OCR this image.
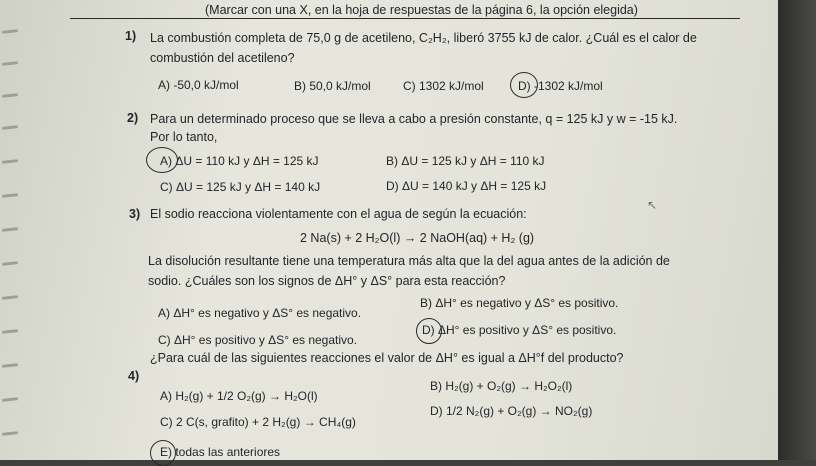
(Marcar con una X, en la hoja de respuestas de la página 6, la opción elegida)
1) La combustión completa de 75,0 g de acetileno, C₂H₂, liberó 3755 kJ de calor. ¿Cuál es el calor de
combustión del acetileno?
A) -50,0 kJ/mol	B) 50,0 kJ/mol	C) 1302 kJ/mol	D) -1302 kJ/mol
2) Para un determinado proceso que se lleva a cabo a presión constante, q = 125 kJ y w = -15 kJ.
Por lo tanto,
A) ΔU = 110 kJ y ΔH = 125 kJ	B) ΔU = 125 kJ y ΔH = 110 kJ
C) ΔU = 125 kJ y ΔH = 140 kJ	D) ΔU = 140 kJ y ΔH = 125 kJ
3) El sodio reacciona violentamente con el agua de según la ecuación:
2 Na(s) + 2 H₂O(l) → 2 NaOH(aq) + H₂ (g)
La disolución resultante tiene una temperatura más alta que la del agua antes de la adición de
sodio. ¿Cuáles son los signos de ΔH° y ΔS° para esta reacción?
A) ΔH° es negativo y ΔS° es negativo.
B) ΔH° es negativo y ΔS° es positivo.
C) ΔH° es positivo y ΔS° es negativo.
D) ΔH° es positivo y ΔS° es positivo.
↖
4)
¿Para cuál de las siguientes reacciones el valor de ΔH° es igual a ΔH°f del producto?
A) H₂(g) + 1/2 O₂(g) → H₂O(l)
B) H₂(g) + O₂(g) → H₂O₂(l)
C) 2 C(s, grafito) + 2 H₂(g) → CH₄(g)
D) 1/2 N₂(g) + O₂(g) → NO₂(g)
E) todas las anteriores
